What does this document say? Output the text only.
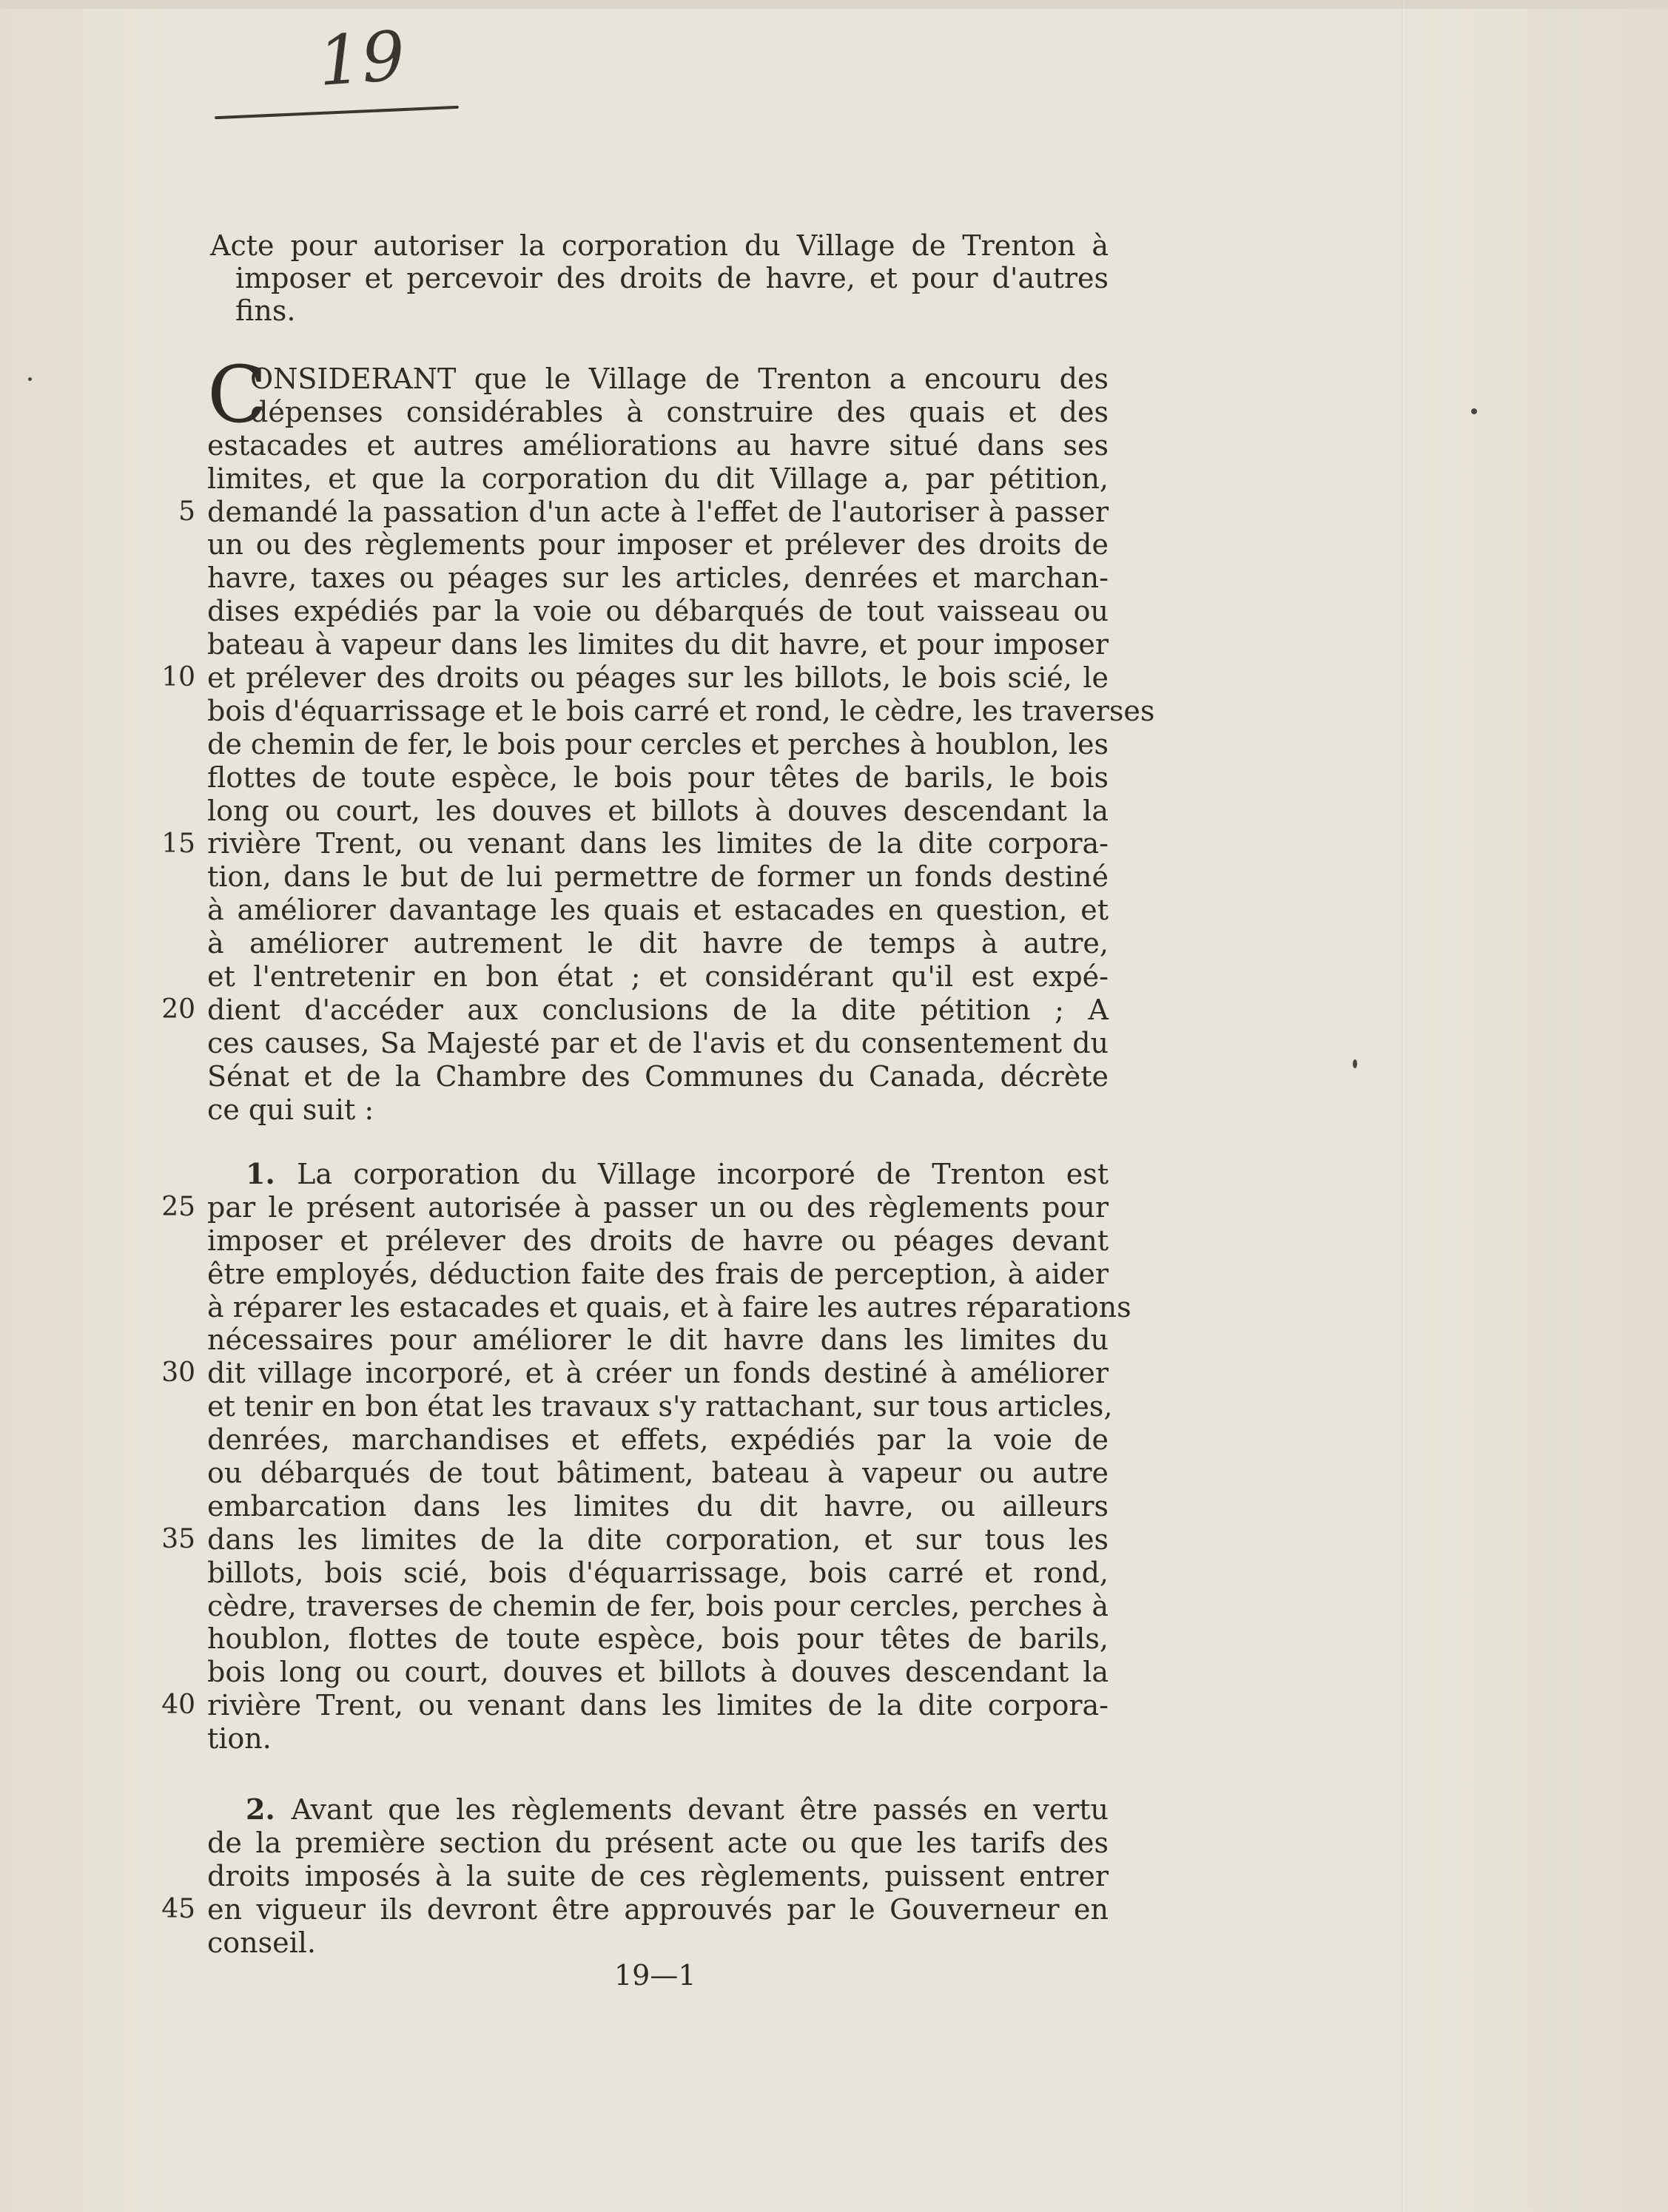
19
Acte pour autoriser la corporation du Village de Trenton à imposer et percevoir des droits de havre, et pour d'autres fins.
ONSIDERANT que le Village de Trenton a encouru des
dépenses considérables à construire des quais et des
estacades et autres améliorations au havre situé dans ses
limites, et que la corporation du dit Village a, par pétition,
demandé la passation d'un acte à l'effet de l'autoriser à passer
5
un ou des règlements pour imposer et prélever des droits de
havre, taxes ou péages sur les articles, denrées et marchan-
dises expédiés par la voie ou débarqués de tout vaisseau ou
bateau à vapeur dans les limites du dit havre, et pour imposer
et prélever des droits ou péages sur les billots, le bois scié, le
10
bois d'équarrissage et le bois carré et rond, le cèdre, les traverses
de chemin de fer, le bois pour cercles et perches à houblon, les
flottes de toute espèce, le bois pour têtes de barils, le bois
long ou court, les douves et billots à douves descendant la
rivière Trent, ou venant dans les limites de la dite corpora-
15
tion, dans le but de lui permettre de former un fonds destiné
à améliorer davantage les quais et estacades en question, et
à améliorer autrement le dit havre de temps à autre,
et l'entretenir en bon état ; et considérant qu'il est expé-
dient d'accéder aux conclusions de la dite pétition ; A
20
ces causes, Sa Majesté par et de l'avis et du consentement du
Sénat et de la Chambre des Communes du Canada, décrète
ce qui suit :
C
1. La corporation du Village incorporé de Trenton est
par le présent autorisée à passer un ou des règlements pour
25
imposer et prélever des droits de havre ou péages devant
être employés, déduction faite des frais de perception, à aider
à réparer les estacades et quais, et à faire les autres réparations
nécessaires pour améliorer le dit havre dans les limites du
dit village incorporé, et à créer un fonds destiné à améliorer
30
et tenir en bon état les travaux s'y rattachant, sur tous articles,
denrées, marchandises et effets, expédiés par la voie de
ou débarqués de tout bâtiment, bateau à vapeur ou autre
embarcation dans les limites du dit havre, ou ailleurs
dans les limites de la dite corporation, et sur tous les
35
billots, bois scié, bois d'équarrissage, bois carré et rond,
cèdre, traverses de chemin de fer, bois pour cercles, perches à
houblon, flottes de toute espèce, bois pour têtes de barils,
bois long ou court, douves et billots à douves descendant la
rivière Trent, ou venant dans les limites de la dite corpora-
40
tion.
2. Avant que les règlements devant être passés en vertu
de la première section du présent acte ou que les tarifs des
droits imposés à la suite de ces règlements, puissent entrer
en vigueur ils devront être approuvés par le Gouverneur en
45
conseil.
19—1
